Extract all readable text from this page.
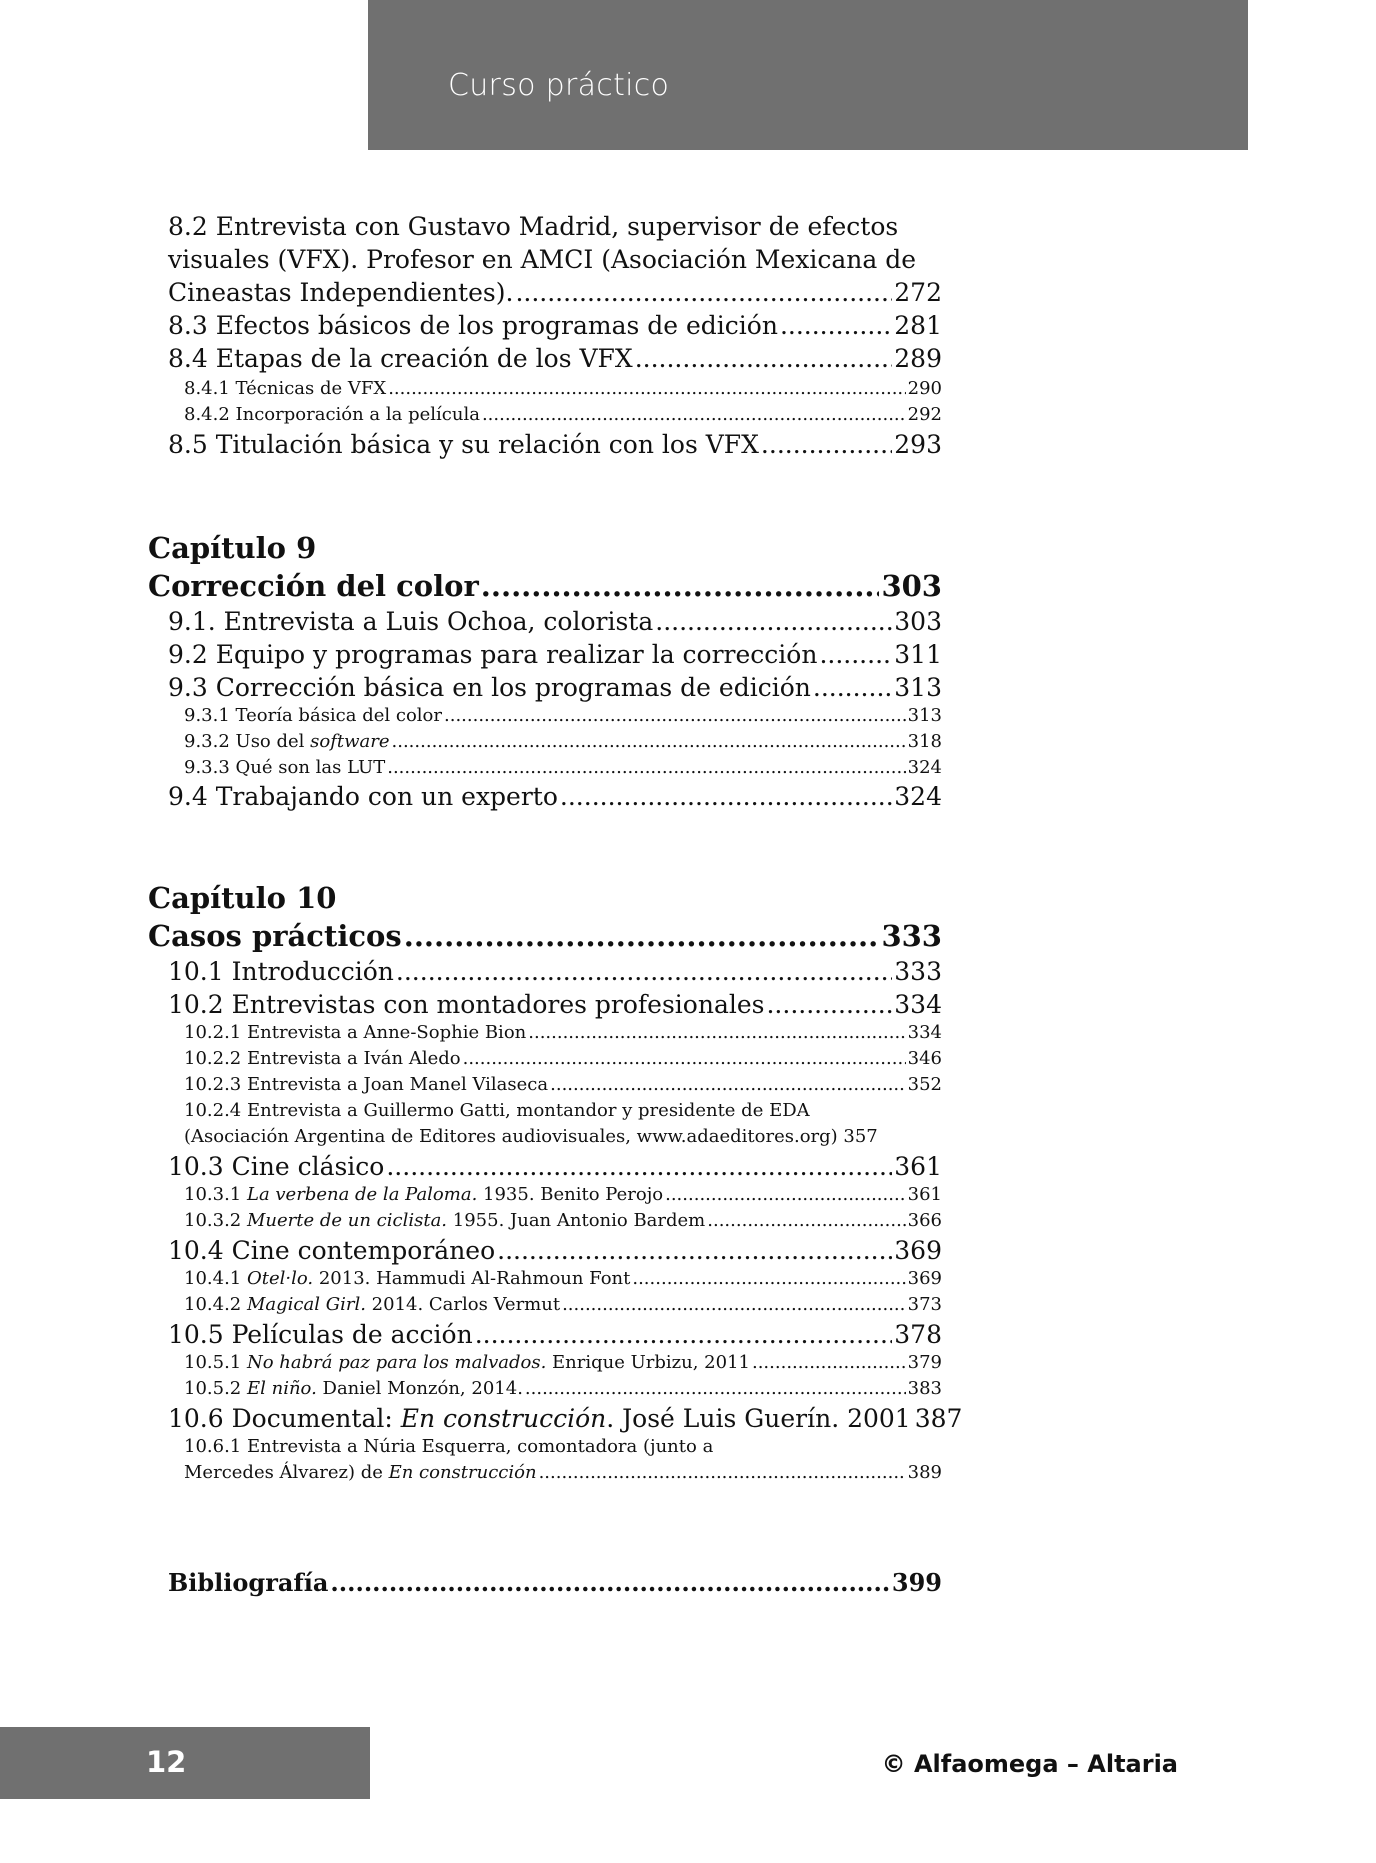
Curso práctico
8.2 Entrevista con Gustavo Madrid, supervisor de efectos
visuales (VFX). Profesor en AMCI (Asociación Mexicana de
Cineastas Independientes). .....	272
8.3 Efectos básicos de los programas de edición .....	281
8.4 Etapas de la creación de los VFX .....	289
8.4.1 Técnicas de VFX .....	290
8.4.2 Incorporación a la película .....	292
8.5 Titulación básica y su relación con los VFX .....	293
Capítulo 9
Corrección del color .....	303
9.1. Entrevista a Luis Ochoa, colorista .....	303
9.2 Equipo y programas para realizar la corrección .....	311
9.3 Corrección básica en los programas de edición .....	313
9.3.1 Teoría básica del color .....	313
9.3.2 Uso del software .....	318
9.3.3 Qué son las LUT .....	324
9.4 Trabajando con un experto .....	324
Capítulo 10
Casos prácticos .....	333
10.1 Introducción .....	333
10.2 Entrevistas con montadores profesionales .....	334
10.2.1 Entrevista a Anne-Sophie Bion .....	334
10.2.2 Entrevista a Iván Aledo .....	346
10.2.3 Entrevista a Joan Manel Vilaseca .....	352
10.2.4 Entrevista a Guillermo Gatti, montandor y presidente de EDA
(Asociación Argentina de Editores audiovisuales, www.adaeditores.org) 357
10.3 Cine clásico .....	361
10.3.1 La verbena de la Paloma. 1935. Benito Perojo .....	361
10.3.2 Muerte de un ciclista. 1955. Juan Antonio Bardem .....	366
10.4 Cine contemporáneo .....	369
10.4.1 Otel·lo. 2013. Hammudi Al-Rahmoun Font .....	369
10.4.2 Magical Girl. 2014. Carlos Vermut .....	373
10.5 Películas de acción .....	378
10.5.1 No habrá paz para los malvados. Enrique Urbizu, 2011 .....	379
10.5.2 El niño. Daniel Monzón, 2014. .....	383
10.6 Documental: En construcción. José Luis Guerín. 2001 387
10.6.1 Entrevista a Núria Esquerra, comontadora (junto a
Mercedes Álvarez) de En construcción .....	389
Bibliografía .....	399
12	© Alfaomega – Altaria
